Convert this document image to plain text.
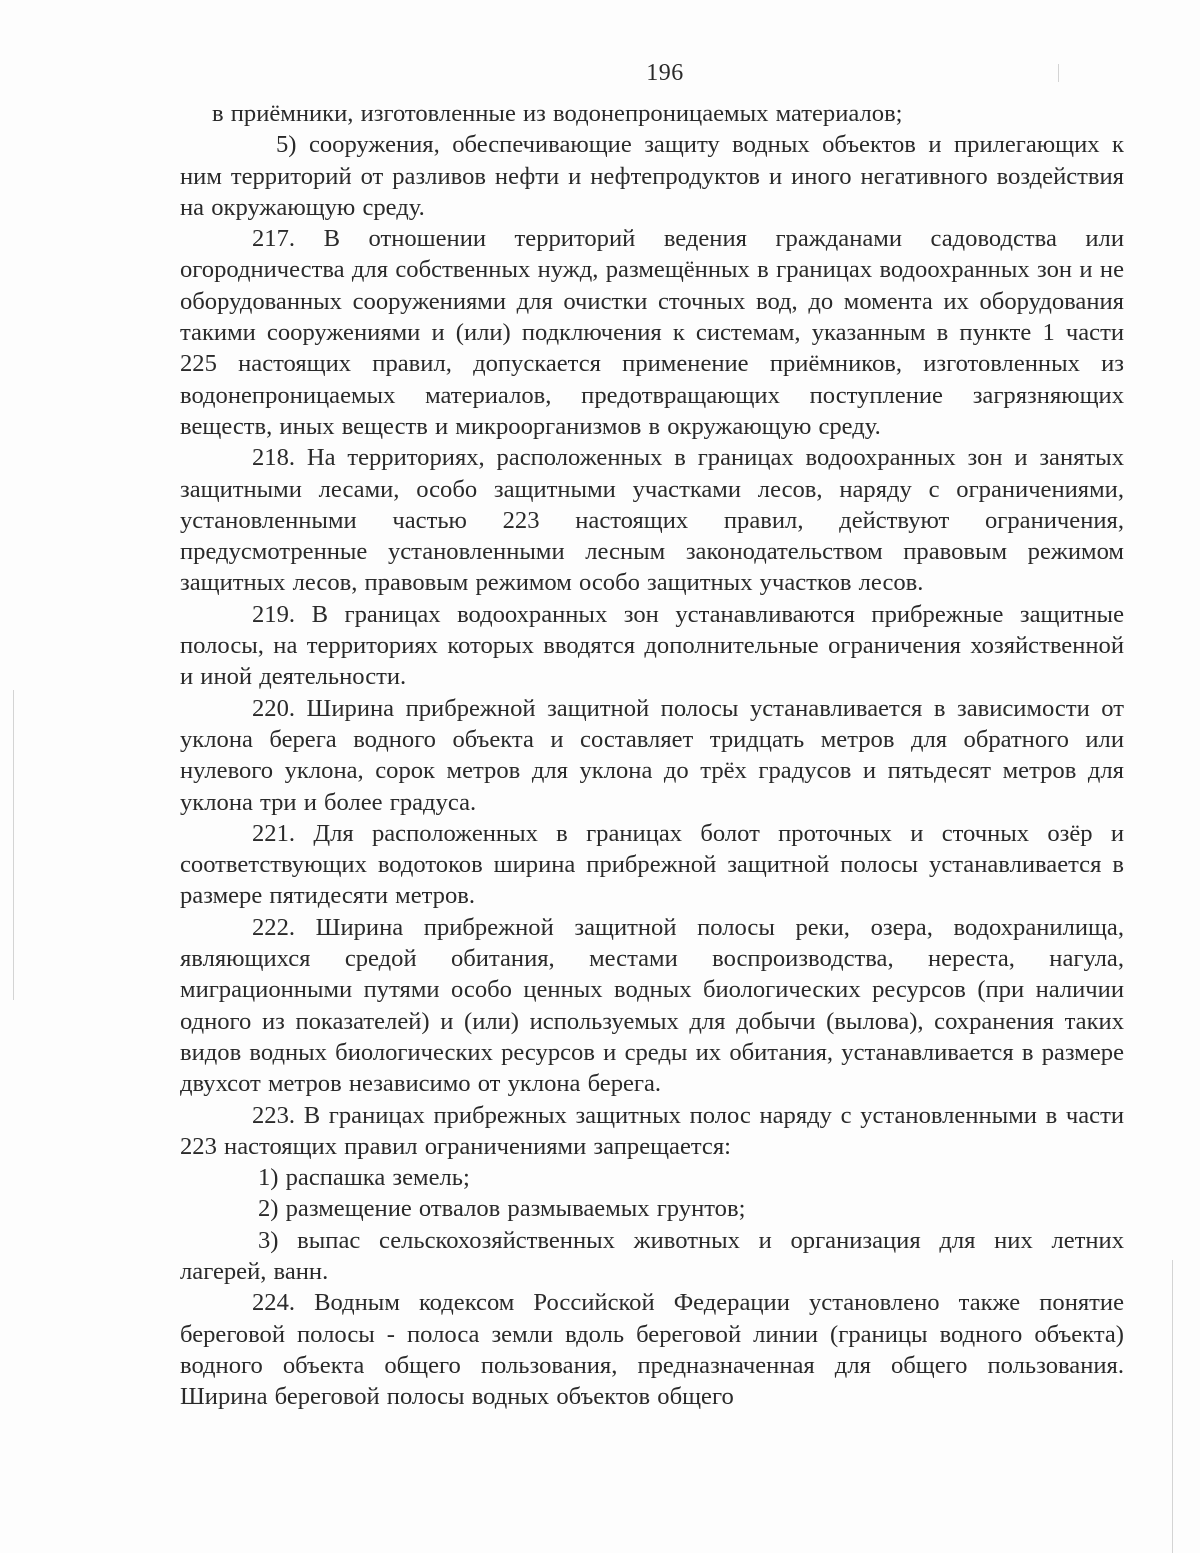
196

в приёмники, изготовленные из водонепроницаемых материалов;

5) сооружения, обеспечивающие защиту водных объектов и прилегающих к ним территорий от разливов нефти и нефтепродуктов и иного негативного воздействия на окружающую среду.

217. В отношении территорий ведения гражданами садоводства или огородничества для собственных нужд, размещённых в границах водоохранных зон и не оборудованных сооружениями для очистки сточных вод, до момента их оборудования такими сооружениями и (или) подключения к системам, указанным в пункте 1 части 225 настоящих правил, допускается применение приёмников, изготовленных из водонепроницаемых материалов, предотвращающих поступление загрязняющих веществ, иных веществ и микроорганизмов в окружающую среду.

218. На территориях, расположенных в границах водоохранных зон и занятых защитными лесами, особо защитными участками лесов, наряду с ограничениями, установленными частью 223 настоящих правил, действуют ограничения, предусмотренные установленными лесным законодательством правовым режимом защитных лесов, правовым режимом особо защитных участков лесов.

219. В границах водоохранных зон устанавливаются прибрежные защитные полосы, на территориях которых вводятся дополнительные ограничения хозяйственной и иной деятельности.

220. Ширина прибрежной защитной полосы устанавливается в зависимости от уклона берега водного объекта и составляет тридцать метров для обратного или нулевого уклона, сорок метров для уклона до трёх градусов и пятьдесят метров для уклона три и более градуса.

221. Для расположенных в границах болот проточных и сточных озёр и соответствующих водотоков ширина прибрежной защитной полосы устанавливается в размере пятидесяти метров.

222. Ширина прибрежной защитной полосы реки, озера, водохранилища, являющихся средой обитания, местами воспроизводства, нереста, нагула, миграционными путями особо ценных водных биологических ресурсов (при наличии одного из показателей) и (или) используемых для добычи (вылова), сохранения таких видов водных биологических ресурсов и среды их обитания, устанавливается в размере двухсот метров независимо от уклона берега.

223. В границах прибрежных защитных полос наряду с установленными в части 223 настоящих правил ограничениями запрещается:

1) распашка земель;

2) размещение отвалов размываемых грунтов;

3) выпас сельскохозяйственных животных и организация для них летних лагерей, ванн.

224. Водным кодексом Российской Федерации установлено также понятие береговой полосы - полоса земли вдоль береговой линии (границы водного объекта) водного объекта общего пользования, предназначенная для общего пользования. Ширина береговой полосы водных объектов общего
